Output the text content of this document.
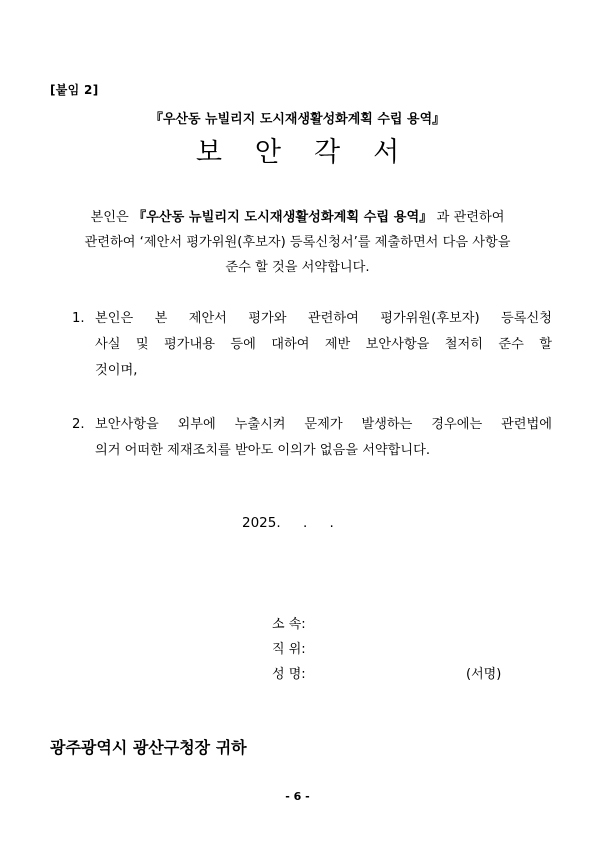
[붙임 2]
『우산동 뉴빌리지 도시재생활성화계획 수립 용역』
보안각서
본인은 『우산동 뉴빌리지 도시재생활성화계획 수립 용역』 과 관련하여
관련하여 ‘제안서 평가위원(후보자) 등록신청서’를 제출하면서 다음 사항을
준수 할 것을 서약합니다.
1. 본인은 본 제안서 평가와 관련하여 평가위원(후보자) 등록신청
사실 및 평가내용 등에 대하여 제반 보안사항을 철저히 준수 할
것이며,
2. 보안사항을 외부에 누출시켜 문제가 발생하는 경우에는 관련법에
의거 어떠한 제재조치를 받아도 이의가 없음을 서약합니다.
2025. . .
소 속:
직 위:
성 명:	(서명)
광주광역시 광산구청장 귀하
- 6 -
